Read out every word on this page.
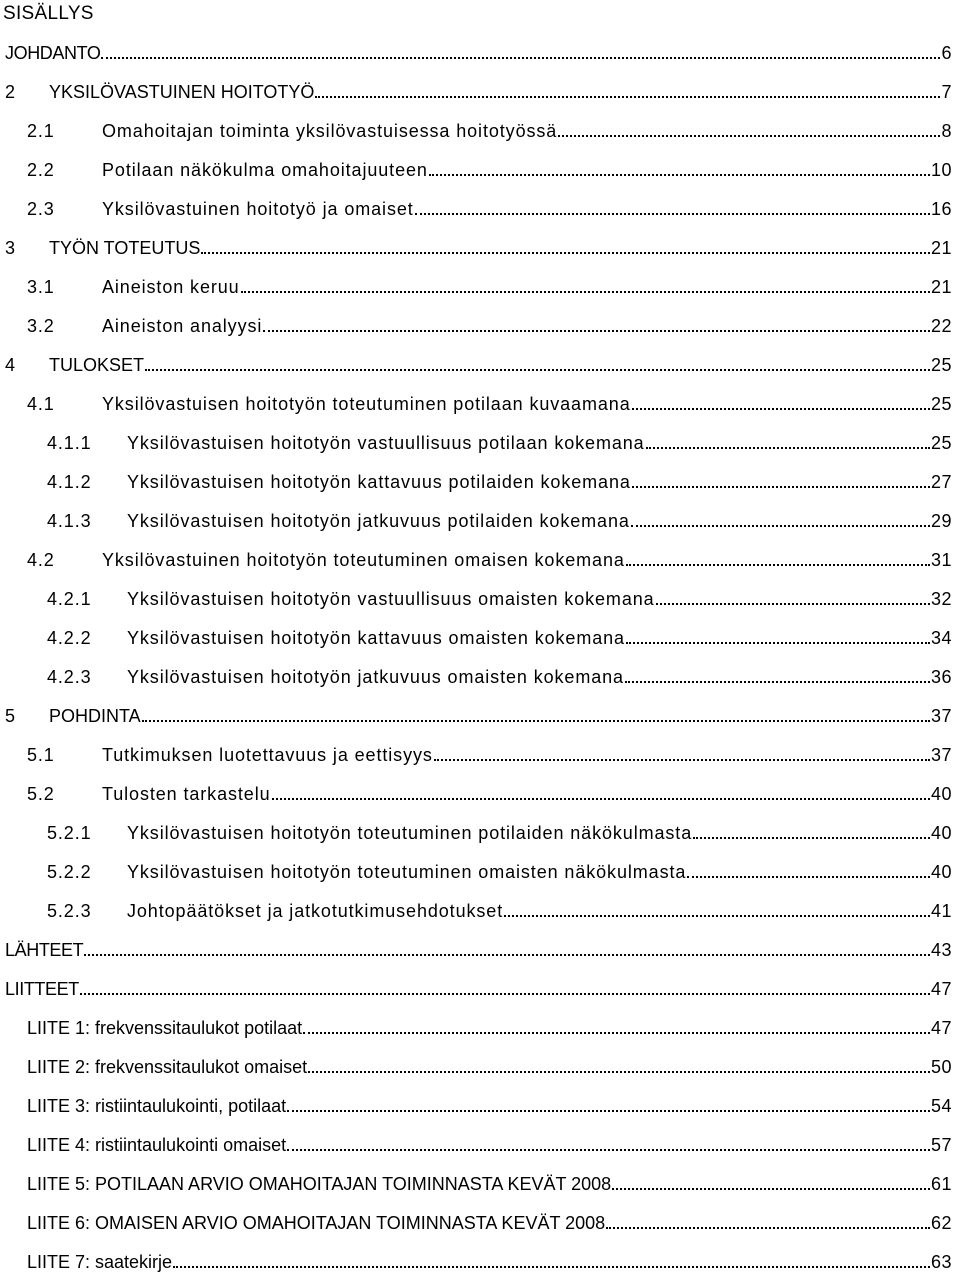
SISÄLLYS
JOHDANTO	6
2	YKSILÖVASTUINEN HOITOTYÖ	7
2.1	Omahoitajan toiminta yksilövastuisessa hoitotyössä	8
2.2	Potilaan näkökulma omahoitajuuteen	10
2.3	Yksilövastuinen hoitotyö ja omaiset	16
3	TYÖN TOTEUTUS	21
3.1	Aineiston keruu	21
3.2	Aineiston analyysi	22
4	TULOKSET	25
4.1	Yksilövastuisen hoitotyön toteutuminen potilaan kuvaamana	25
4.1.1	Yksilövastuisen hoitotyön vastuullisuus potilaan kokemana	25
4.1.2	Yksilövastuisen hoitotyön kattavuus potilaiden kokemana	27
4.1.3	Yksilövastuisen hoitotyön jatkuvuus potilaiden kokemana	29
4.2	Yksilövastuinen hoitotyön toteutuminen omaisen kokemana	31
4.2.1	Yksilövastuisen hoitotyön vastuullisuus omaisten kokemana	32
4.2.2	Yksilövastuisen hoitotyön kattavuus omaisten kokemana	34
4.2.3	Yksilövastuisen hoitotyön jatkuvuus omaisten kokemana	36
5	POHDINTA	37
5.1	Tutkimuksen luotettavuus ja eettisyys	37
5.2	Tulosten tarkastelu	40
5.2.1	Yksilövastuisen hoitotyön toteutuminen potilaiden näkökulmasta	40
5.2.2	Yksilövastuisen hoitotyön toteutuminen omaisten näkökulmasta	40
5.2.3	Johtopäätökset ja jatkotutkimusehdotukset	41
LÄHTEET	43
LIITTEET	47
LIITE 1: frekvenssitaulukot potilaat	47
LIITE 2: frekvenssitaulukot omaiset	50
LIITE 3: ristiintaulukointi, potilaat	54
LIITE 4: ristiintaulukointi omaiset	57
LIITE 5: POTILAAN ARVIO OMAHOITAJAN TOIMINNASTA KEVÄT 2008	61
LIITE 6: OMAISEN ARVIO OMAHOITAJAN TOIMINNASTA KEVÄT 2008	62
LIITE 7: saatekirje	63
